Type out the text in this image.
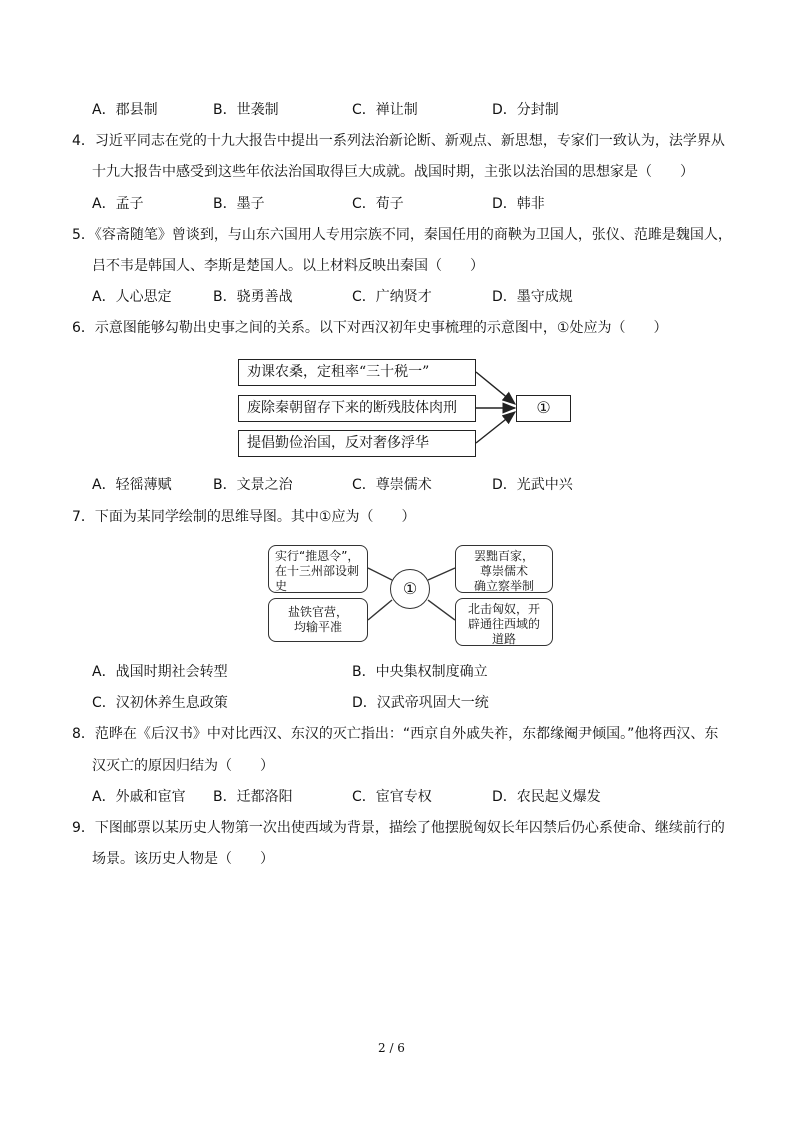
A．郡县制	B．世袭制	C．禅让制	D．分封制
4．习近平同志在党的十九大报告中提出一系列法治新论断、新观点、新思想，专家们一致认为，法学界从
十九大报告中感受到这些年依法治国取得巨大成就。战国时期，主张以法治国的思想家是（　　）
A．孟子	B．墨子	C．荀子	D．韩非
5．《容斋随笔》曾谈到，与山东六国用人专用宗族不同，秦国任用的商鞅为卫国人，张仪、范雎是魏国人，
吕不韦是韩国人、李斯是楚国人。以上材料反映出秦国（　　）
A．人心思定	B．骁勇善战	C．广纳贤才	D．墨守成规
6．示意图能够勾勒出史事之间的关系。以下对西汉初年史事梳理的示意图中，①处应为（　　）
劝课农桑，定租率“三十税一”
废除秦朝留存下来的断残肢体肉刑
提倡勤俭治国，反对奢侈浮华
①
A．轻徭薄赋	B．文景之治	C．尊崇儒术	D．光武中兴
7．下面为某同学绘制的思维导图。其中①应为（　　）
实行“推恩令”，
在十三州部设刺
史
盐铁官营，
均输平准
①
罢黜百家，
尊崇儒术
确立察举制
北击匈奴，开
辟通往西域的
道路
A．战国时期社会转型	B．中央集权制度确立
C．汉初休养生息政策	D．汉武帝巩固大一统
8．范晔在《后汉书》中对比西汉、东汉的灭亡指出：“西京自外戚失祚，东都缘阉尹倾国。”他将西汉、东
汉灭亡的原因归结为（　　）
A．外戚和宦官 B．迁都洛阳	C．宦官专权	D．农民起义爆发
9．下图邮票以某历史人物第一次出使西域为背景，描绘了他摆脱匈奴长年囚禁后仍心系使命、继续前行的
场景。该历史人物是（　　）
2 / 6
